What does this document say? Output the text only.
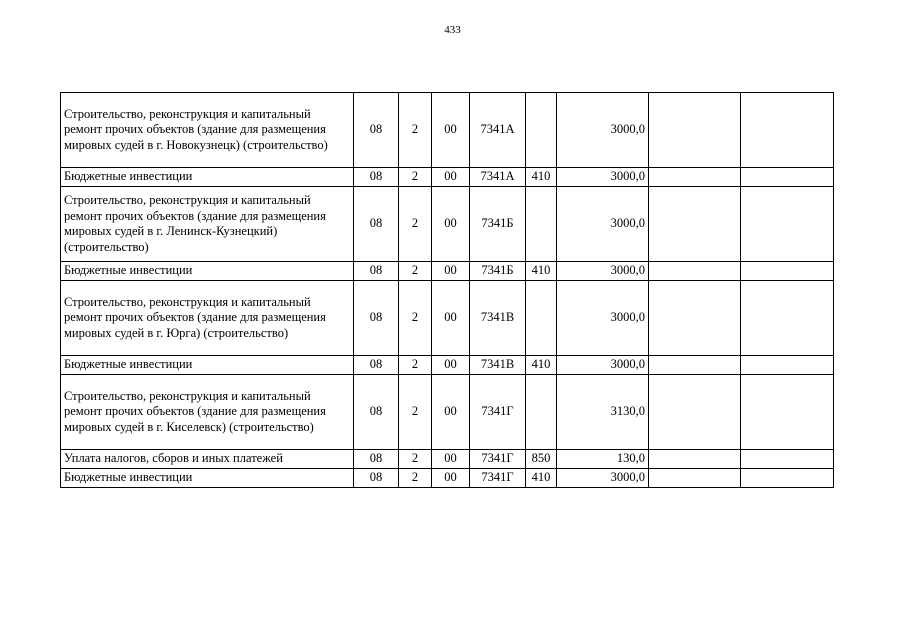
433
Строительство, реконструкция и капитальный ремонт прочих объектов (здание для размещения мировых судей в г. Новокузнецк) (строительство)	08	2	00	7341А		3000,0		
Бюджетные инвестиции	08	2	00	7341А	410	3000,0		
Строительство, реконструкция и капитальный ремонт прочих объектов (здание для размещения мировых судей в г. Ленинск-Кузнецкий) (строительство)	08	2	00	7341Б		3000,0		
Бюджетные инвестиции	08	2	00	7341Б	410	3000,0		
Строительство, реконструкция и капитальный ремонт прочих объектов (здание для размещения мировых судей в г. Юрга) (строительство)	08	2	00	7341В		3000,0		
Бюджетные инвестиции	08	2	00	7341В	410	3000,0		
Строительство, реконструкция и капитальный ремонт прочих объектов (здание для размещения мировых судей в г. Киселевск) (строительство)	08	2	00	7341Г		3130,0		
Уплата налогов, сборов и иных платежей	08	2	00	7341Г	850	130,0		
Бюджетные инвестиции	08	2	00	7341Г	410	3000,0		
